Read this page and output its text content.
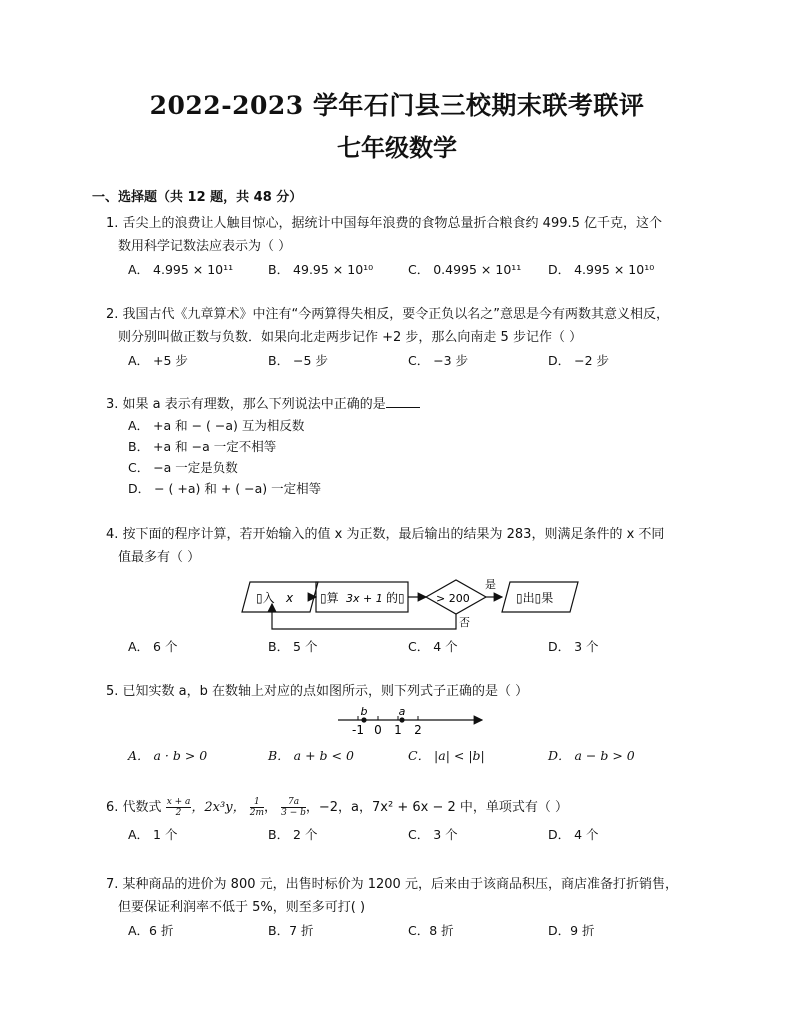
2022-2023 学年石门县三校期末联考联评
七年级数学
一、选择题（共 12 题，共 48 分）
1. 舌尖上的浪费让人触目惊心，据统计中国每年浪费的食物总量折合粮食约 499.5 亿千克，这个
数用科学记数法应表示为（ ）
A． 4.995 × 10¹¹	B． 49.95 × 10¹⁰	C． 0.4995 × 10¹¹	D． 4.995 × 10¹⁰
2. 我国古代《九章算术》中注有“今两算得失相反，要令正负以名之”意思是今有两数其意义相反，
则分别叫做正数与负数．如果向北走两步记作 +2 步，那么向南走 5 步记作（ ）
A． +5 步	B． −5 步	C． −3 步	D． −2 步
3. 如果 a 表示有理数，那么下列说法中正确的是
A． +a 和 − ( −a) 互为相反数
B． +a 和 −a 一定不相等
C． −a 一定是负数
D． − ( +a) 和 + ( −a) 一定相等
4. 按下面的程序计算，若开始输入的值 x 为正数，最后输出的结果为 283，则满足条件的 x 不同
值最多有（ ）
▯入 x ▯算 3x + 1 的▯	> 200
是
▯出▯果
否
A． 6 个	B． 5 个	C． 4 个	D． 3 个
5. 已知实数 a，b 在数轴上对应的点如图所示，则下列式子正确的是（ ）
-1 0 1 2
b	a
A． a · b > 0	B． a + b < 0	C． |a| < |b|	D． a − b > 0
6. 代数式 $\frac{x + a}{2}$ ，2x³y， $\frac{1}{2m}$ ， $\frac{7a}{3 - b}$ ，−2，a，7x² + 6x − 2 中，单项式有（ ）
A． 1 个	B． 2 个	C． 3 个	D． 4 个
7. 某种商品的进价为 800 元，出售时标价为 1200 元，后来由于该商品积压，商店准备打折销售，
但要保证利润率不低于 5%，则至多可打( )
A．6 折	B．7 折	C．8 折	D．9 折
